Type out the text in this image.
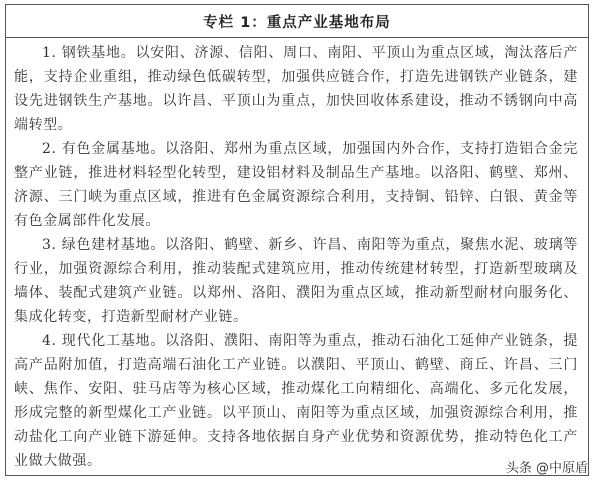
专栏 1：重点产业基地布局

1. 钢铁基地。以安阳、济源、信阳、周口、南阳、平顶山为重点区域，淘汰落后产能，支持企业重组，推动绿色低碳转型，加强供应链合作，打造先进钢铁产业链条，建设先进钢铁生产基地。以许昌、平顶山为重点，加快回收体系建设，推动不锈钢向中高端转型。

2. 有色金属基地。以洛阳、郑州为重点区域，加强国内外合作，支持打造铝合金完整产业链，推进材料轻型化转型，建设铝材料及制品生产基地。以洛阳、鹤壁、郑州、济源、三门峡为重点区域，推进有色金属资源综合利用，支持铜、铅锌、白银、黄金等有色金属部件化发展。

3. 绿色建材基地。以洛阳、鹤壁、新乡、许昌、南阳等为重点，聚焦水泥、玻璃等行业，加强资源综合利用，推动装配式建筑应用，推动传统建材转型，打造新型玻璃及墙体、装配式建筑产业链。以郑州、洛阳、濮阳为重点区域，推动新型耐材向服务化、集成化转变，打造新型耐材产业链。

4. 现代化工基地。以洛阳、濮阳、南阳等为重点，推动石油化工延伸产业链条，提高产品附加值，打造高端石油化工产业链。以濮阳、平顶山、鹤壁、商丘、许昌、三门峡、焦作、安阳、驻马店等为核心区域，推动煤化工向精细化、高端化、多元化发展，形成完整的新型煤化工产业链。以平顶山、南阳等为重点区域，加强资源综合利用，推动盐化工向产业链下游延伸。支持各地依据自身产业优势和资源优势，推动特色化工产业做大做强。	头条 @中原盾
